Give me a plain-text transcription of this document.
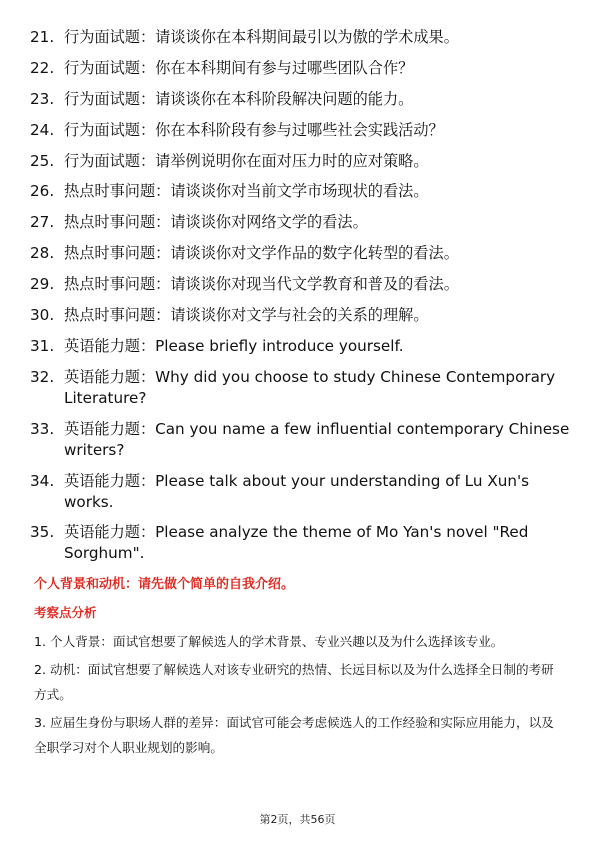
21. 行为面试题：请谈谈你在本科期间最引以为傲的学术成果。
22. 行为面试题：你在本科期间有参与过哪些团队合作？
23. 行为面试题：请谈谈你在本科阶段解决问题的能力。
24. 行为面试题：你在本科阶段有参与过哪些社会实践活动？
25. 行为面试题：请举例说明你在面对压力时的应对策略。
26. 热点时事问题：请谈谈你对当前文学市场现状的看法。
27. 热点时事问题：请谈谈你对网络文学的看法。
28. 热点时事问题：请谈谈你对文学作品的数字化转型的看法。
29. 热点时事问题：请谈谈你对现当代文学教育和普及的看法。
30. 热点时事问题：请谈谈你对文学与社会的关系的理解。
31. 英语能力题：Please briefly introduce yourself.
32. 英语能力题：Why did you choose to study Chinese Contemporary Literature?
33. 英语能力题：Can you name a few influential contemporary Chinese writers?
34. 英语能力题：Please talk about your understanding of Lu Xun's works.
35. 英语能力题：Please analyze the theme of Mo Yan's novel "Red Sorghum".
个人背景和动机：请先做个简单的自我介绍。
考察点分析

1. 个人背景：面试官想要了解候选人的学术背景、专业兴趣以及为什么选择该专业。

2. 动机：面试官想要了解候选人对该专业研究的热情、长远目标以及为什么选择全日制的考研方式。

3. 应届生身份与职场人群的差异：面试官可能会考虑候选人的工作经验和实际应用能力，以及全职学习对个人职业规划的影响。

第2页，共56页
